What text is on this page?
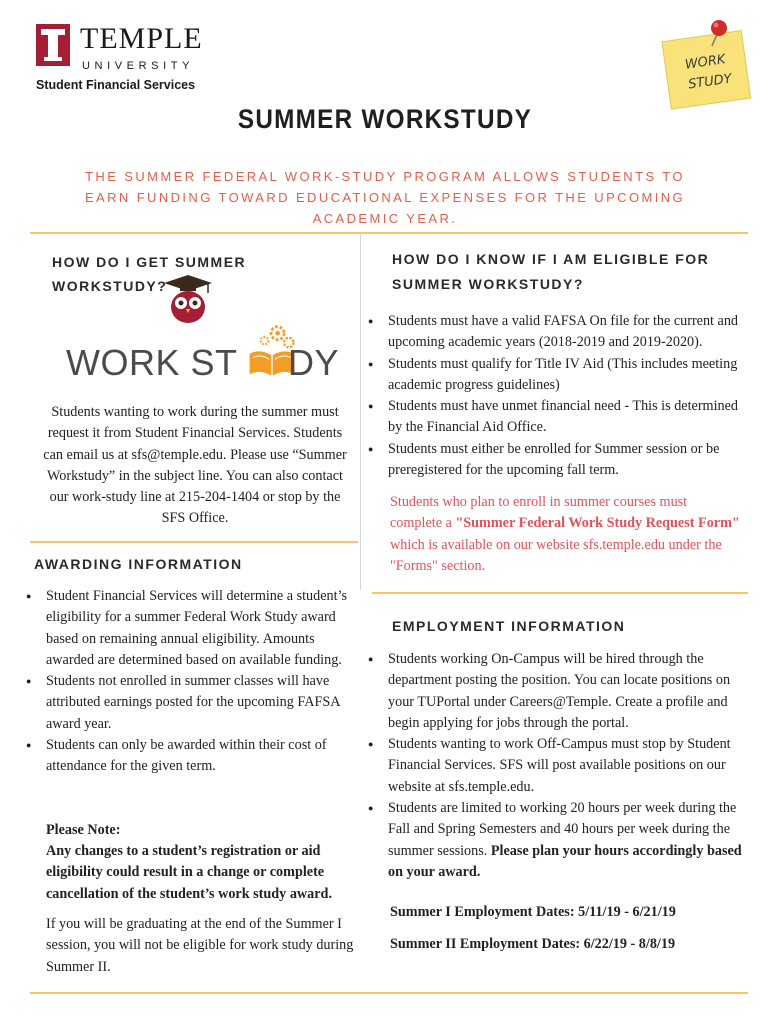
TEMPLE
UNIVERSITY
Student Financial Services
WORK
STUDY
SUMMER WORKSTUDY
THE SUMMER FEDERAL WORK-STUDY PROGRAM ALLOWS STUDENTS TO EARN FUNDING TOWARD EDUCATIONAL EXPENSES FOR THE UPCOMING ACADEMIC YEAR.
HOW DO I GET SUMMER WORKSTUDY?
WORK ST DY
Students wanting to work during the summer must request it from Student Financial Services. Students can email us at sfs@temple.edu. Please use “Summer Workstudy” in the subject line. You can also contact our work-study line at 215-204-1404 or stop by the SFS Office.
AWARDING INFORMATION
● Student Financial Services will determine a student’s eligibility for a summer Federal Work Study award based on remaining annual eligibility. Amounts awarded are determined based on available funding.
● Students not enrolled in summer classes will have attributed earnings posted for the upcoming FAFSA award year.
● Students can only be awarded within their cost of attendance for the given term.
Please Note:
Any changes to a student’s registration or aid eligibility could result in a change or complete cancellation of the student’s work study award.
If you will be graduating at the end of the Summer I session, you will not be eligible for work study during Summer II.
HOW DO I KNOW IF I AM ELIGIBLE FOR SUMMER WORKSTUDY?
● Students must have a valid FAFSA On file for the current and upcoming academic years (2018-2019 and 2019-2020).
● Students must qualify for Title IV Aid (This includes meeting academic progress guidelines)
● Students must have unmet financial need - This is determined by the Financial Aid Office.
● Students must either be enrolled for Summer session or be preregistered for the upcoming fall term.
Students who plan to enroll in summer courses must complete a "Summer Federal Work Study Request Form" which is available on our website sfs.temple.edu under the "Forms" section.
EMPLOYMENT INFORMATION
● Students working On-Campus will be hired through the department posting the position. You can locate positions on your TUPortal under Careers@Temple. Create a profile and begin applying for jobs through the portal.
● Students wanting to work Off-Campus must stop by Student Financial Services. SFS will post available positions on our website at sfs.temple.edu.
● Students are limited to working 20 hours per week during the Fall and Spring Semesters and 40 hours per week during the summer sessions. Please plan your hours accordingly based on your award.
Summer I Employment Dates: 5/11/19 - 6/21/19
Summer II Employment Dates: 6/22/19 - 8/8/19
